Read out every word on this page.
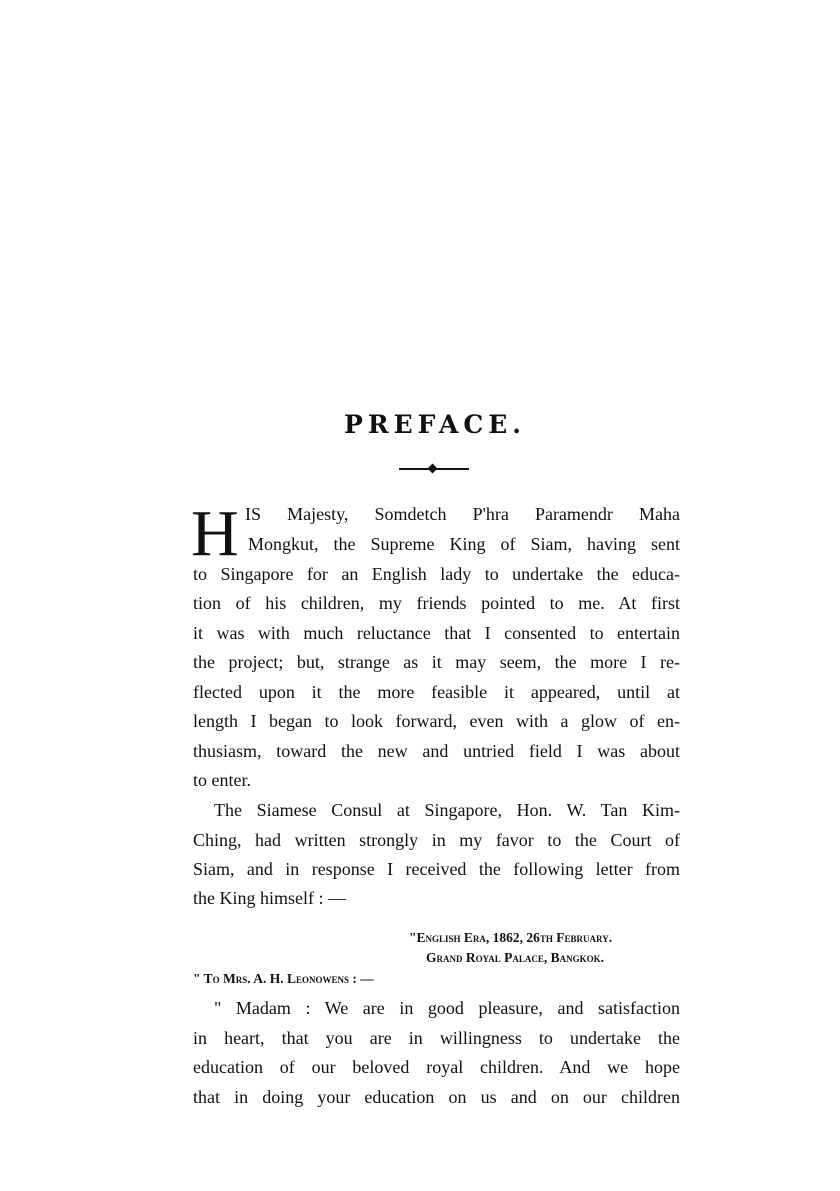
PREFACE.
H IS Majesty, Somdetch P'hra Paramendr Maha
Mongkut, the Supreme King of Siam, having sent
to Singapore for an English lady to undertake the educa-
tion of his children, my friends pointed to me. At first
it was with much reluctance that I consented to entertain
the project; but, strange as it may seem, the more I re-
flected upon it the more feasible it appeared, until at
length I began to look forward, even with a glow of en-
thusiasm, toward the new and untried field I was about
to enter.
The Siamese Consul at Singapore, Hon. W. Tan Kim-
Ching, had written strongly in my favor to the Court of
Siam, and in response I received the following letter from
the King himself : —
"English Era, 1862, 26th February.
Grand Royal Palace, Bangkok.
" To Mrs. A. H. Leonowens : —
" Madam : We are in good pleasure, and satisfaction
in heart, that you are in willingness to undertake the
education of our beloved royal children. And we hope
that in doing your education on us and on our children
